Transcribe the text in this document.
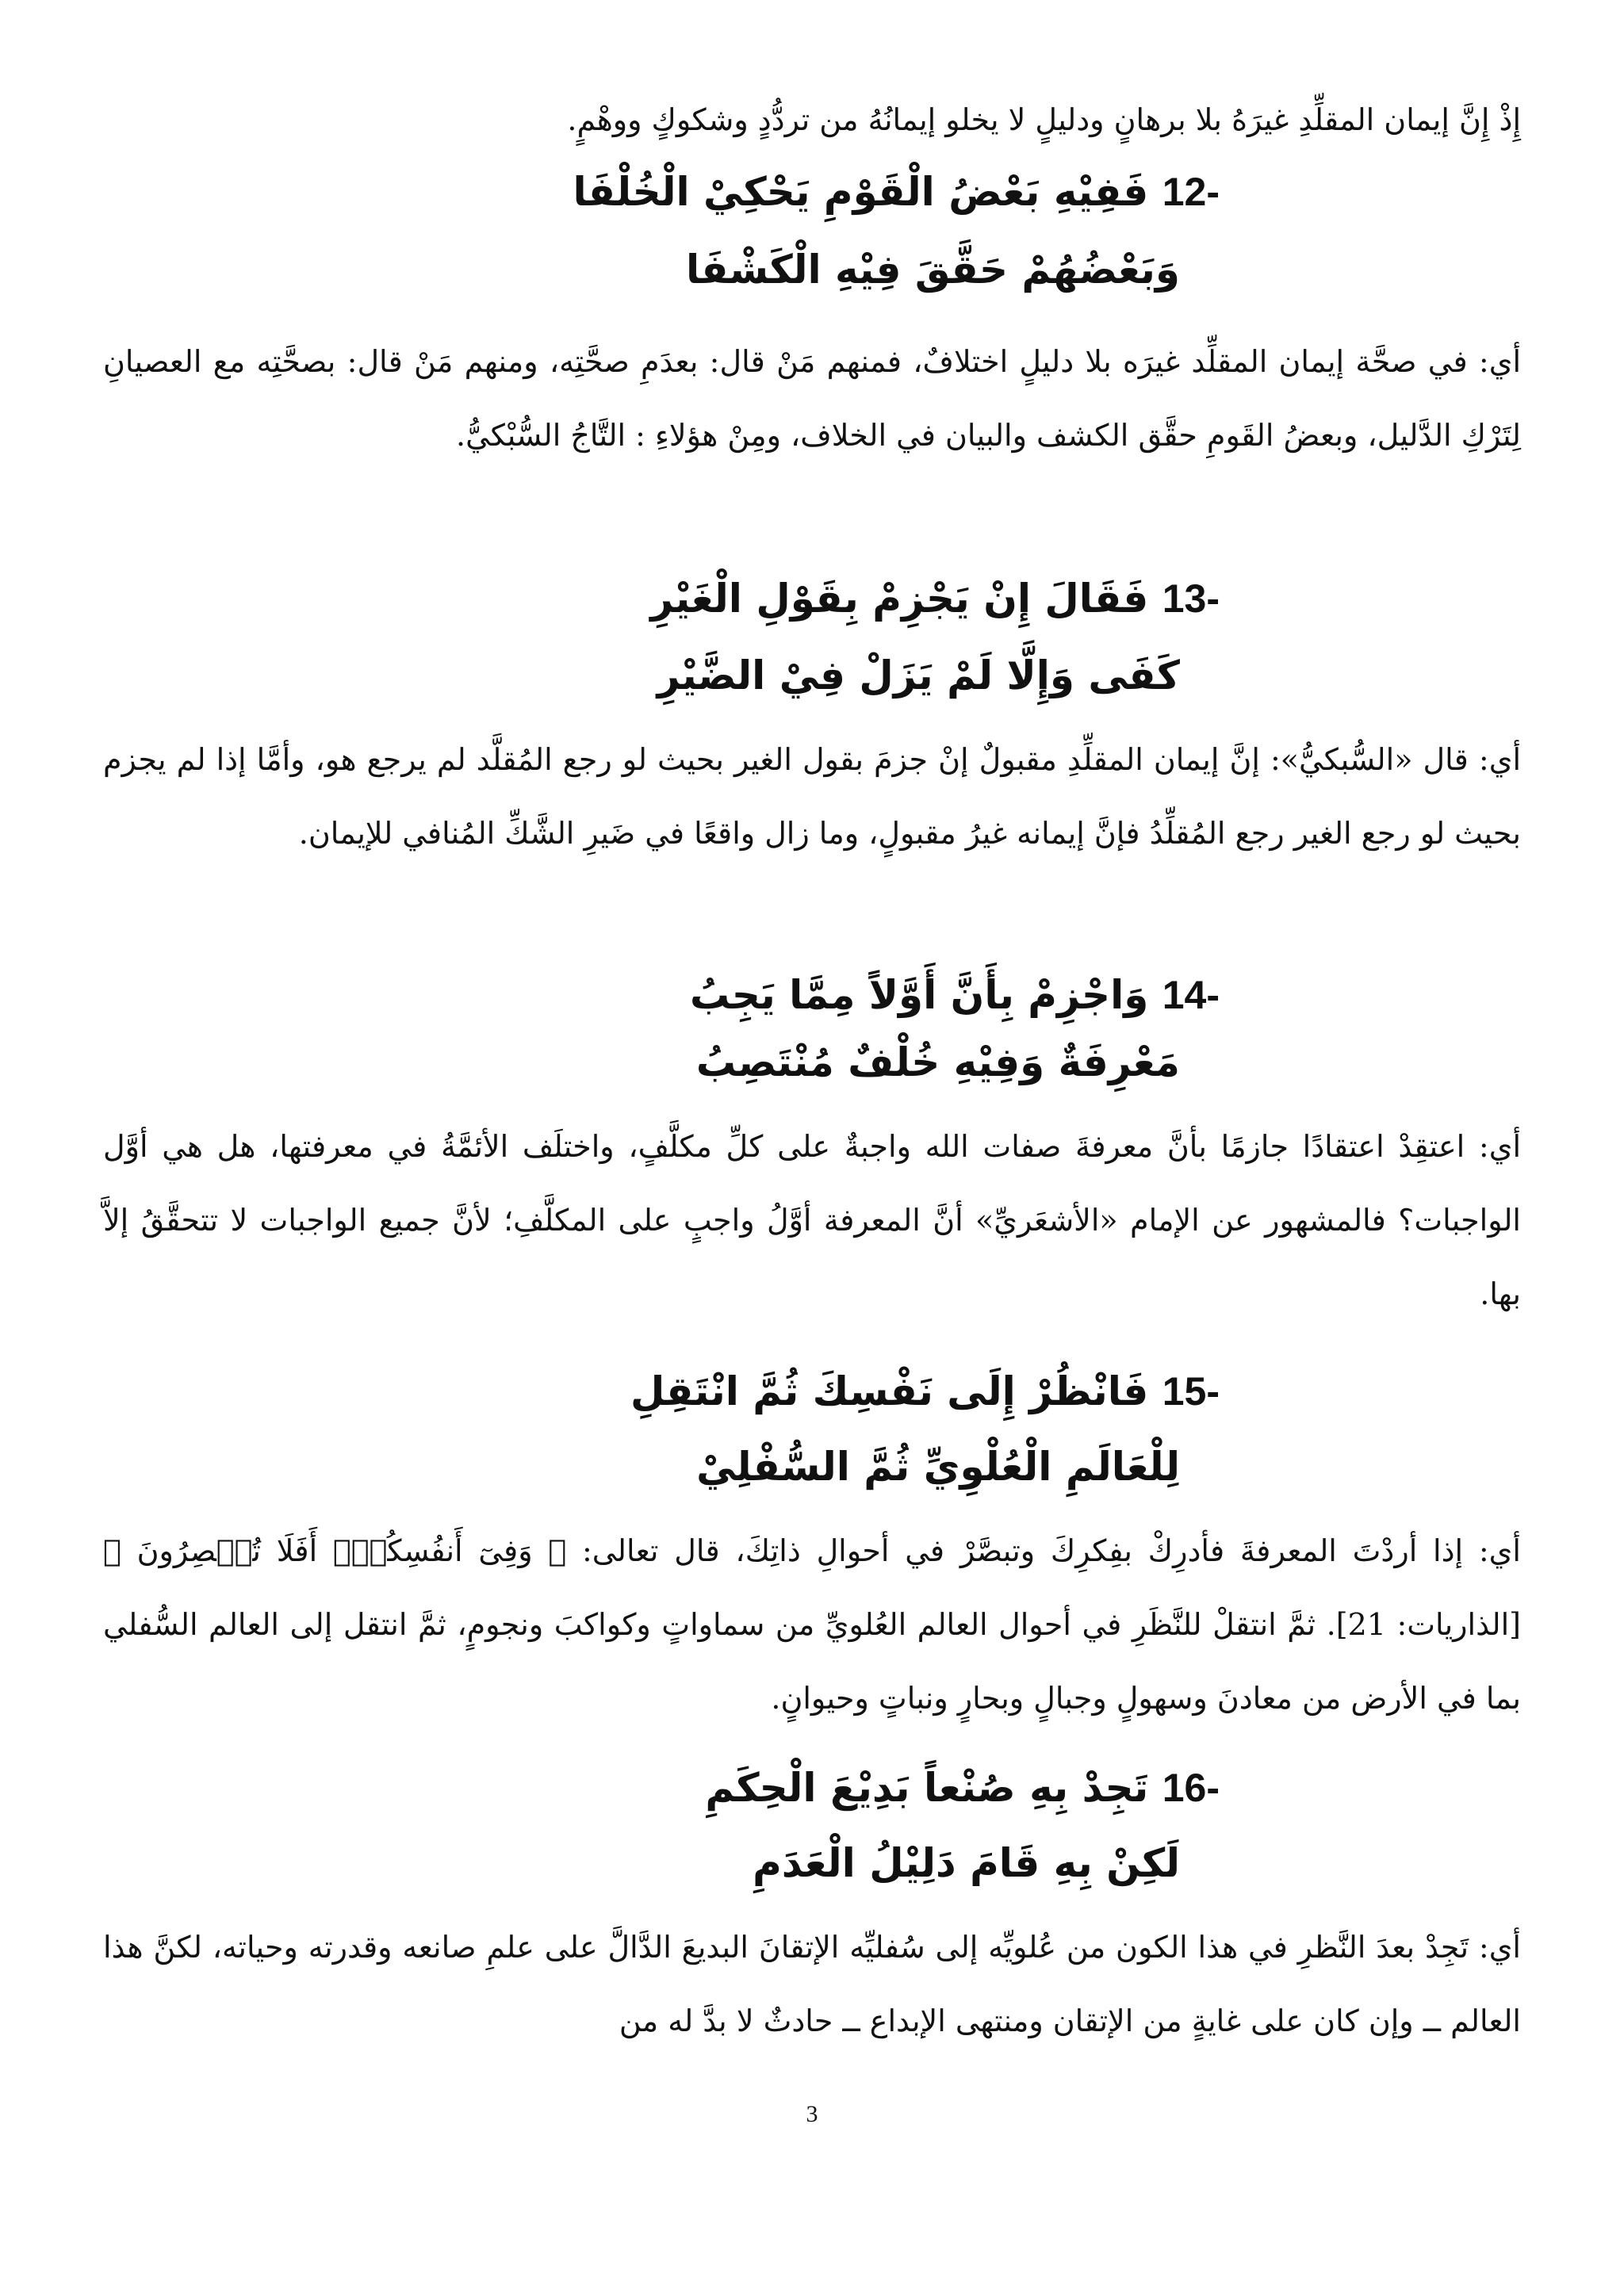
إِذْ إِنَّ إيمان المقلِّدِ غيرَهُ بلا برهانٍ ودليلٍ لا يخلو إيمانُهُ من تردُّدٍ وشكوكٍ ووهْمٍ.
-12 فَفِيْهِ بَعْضُ الْقَوْمِ يَحْكِيْ الْخُلْفَا
وَبَعْضُهُمْ حَقَّقَ فِيْهِ الْكَشْفَا
أي: في صحَّة إيمان المقلِّد غيرَه بلا دليلٍ اختلافٌ، فمنهم مَنْ قال: بعدَمِ صحَّتِه، ومنهم مَنْ قال: بصحَّتِه مع العصيانِ لِتَرْكِ الدَّليل، وبعضُ القَومِ حقَّق الكشف والبيان في الخلاف، ومِنْ هؤلاءِ : التَّاجُ السُّبْكيُّ.
-13 فَقَالَ إِنْ يَجْزِمْ بِقَوْلِ الْغَيْرِ
كَفَى وَإِلَّا لَمْ يَزَلْ فِيْ الضَّيْرِ
أي: قال «السُّبكيُّ»: إنَّ إيمان المقلِّدِ مقبولٌ إنْ جزمَ بقول الغير بحيث لو رجع المُقلَّد لم يرجع هو، وأمَّا إذا لم يجزم بحيث لو رجع الغير رجع المُقلِّدُ فإنَّ إيمانه غيرُ مقبولٍ، وما زال واقعًا في ضَيرِ الشَّكِّ المُنافي للإيمان.
-14 وَاجْزِمْ بِأَنَّ أَوَّلاً مِمَّا يَجِبُ
مَعْرِفَةٌ وَفِيْهِ خُلْفٌ مُنْتَصِبُ
أي: اعتقِدْ اعتقادًا جازمًا بأنَّ معرفةَ صفات الله واجبةٌ على كلِّ مكلَّفٍ، واختلَف الأئمَّةُ في معرفتها، هل هي أوَّل الواجبات؟ فالمشهور عن الإمام «الأشعَريِّ» أنَّ المعرفة أوَّلُ واجبٍ على المكلَّفِ؛ لأنَّ جميع الواجبات لا تتحقَّقُ إلاَّ بها.
-15 فَانْظُرْ إِلَى نَفْسِكَ ثُمَّ انْتَقِلِ
لِلْعَالَمِ الْعُلْوِيِّ ثُمَّ السُّفْلِيْ
أي: إذا أردْتَ المعرفةَ فأدرِكْ بفِكرِكَ وتبصَّرْ في أحوالِ ذاتِكَ، قال تعالى: ﴿ وَفِىٓ أَنفُسِكُمۡۚ أَفَلَا تُبۡصِرُونَ ﴾ [الذاريات: 21]. ثمَّ انتقلْ للنَّظَرِ في أحوال العالم العُلويِّ من سماواتٍ وكواكبَ ونجومٍ، ثمَّ انتقل إلى العالم السُّفلي بما في الأرض من معادنَ وسهولٍ وجبالٍ وبحارٍ ونباتٍ وحيوانٍ.
-16 تَجِدْ بِهِ صُنْعاً بَدِيْعَ الْحِكَمِ
لَكِنْ بِهِ قَامَ دَلِيْلُ الْعَدَمِ
أي: تَجِدْ بعدَ النَّظرِ في هذا الكون من عُلويِّه إلى سُفليِّه الإتقانَ البديعَ الدَّالَّ على علمِ صانعه وقدرته وحياته، لكنَّ هذا العالم ــ وإن كان على غايةٍ من الإتقان ومنتهى الإبداع ــ حادثٌ لا بدَّ له من
3
